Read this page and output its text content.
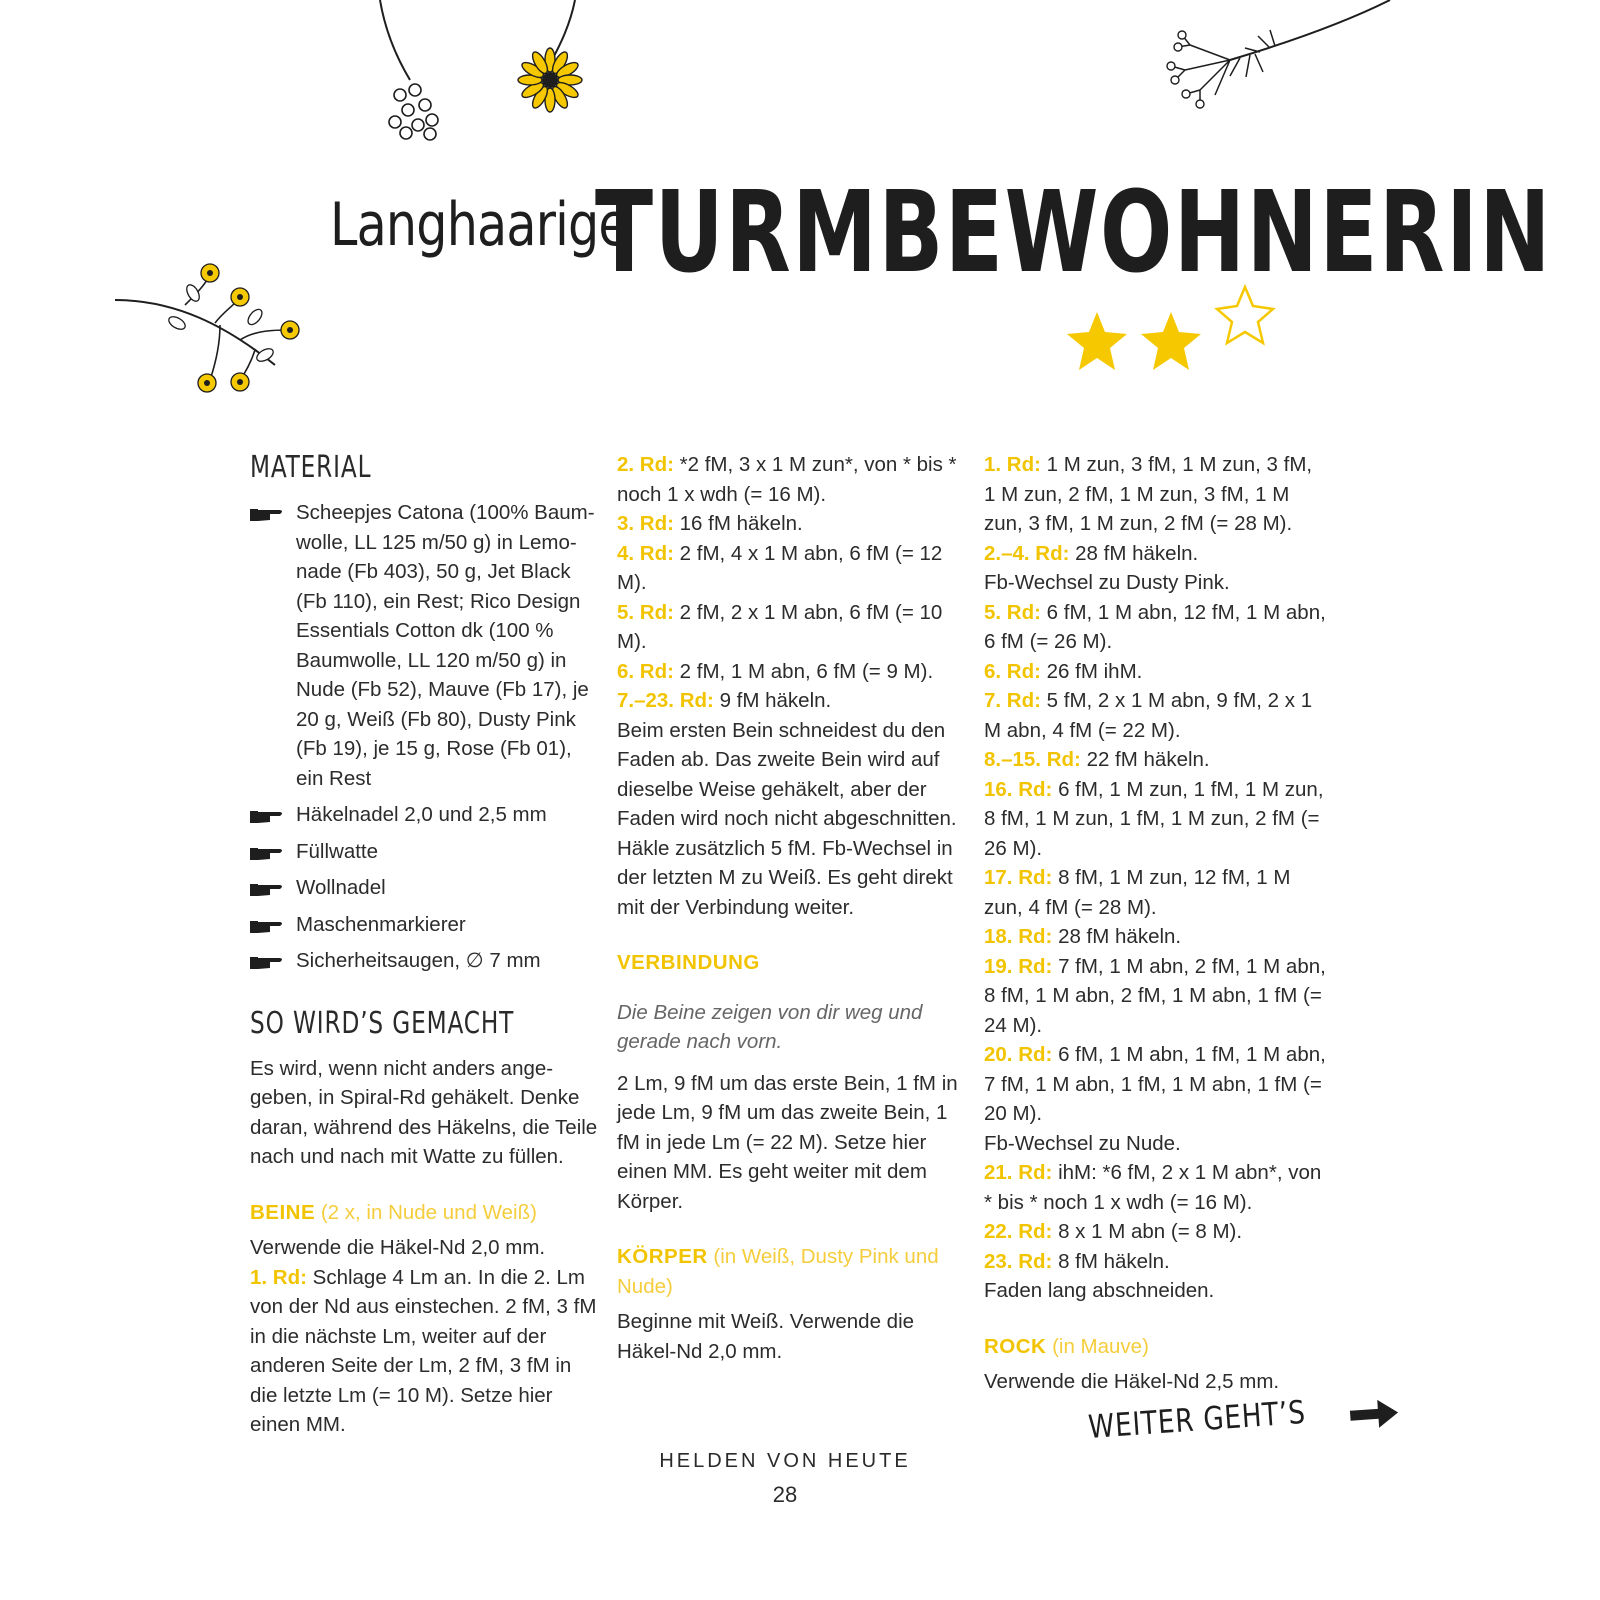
Langhaarige
TURMBEWOHNERIN
MATERIAL
Scheepjes Catona (100% Baum-wolle, LL 125 m/50 g) in Lemo-nade (Fb 403), 50 g, Jet Black (Fb 110), ein Rest; Rico Design Essentials Cotton dk (100 % Baumwolle, LL 120 m/50 g) in Nude (Fb 52), Mauve (Fb 17), je 20 g, Weiß (Fb 80), Dusty Pink (Fb 19), je 15 g, Rose (Fb 01), ein Rest
Häkelnadel 2,0 und 2,5 mm
Füllwatte
Wollnadel
Maschenmarkierer
Sicherheitsaugen, ∅ 7 mm
SO WIRD’S GEMACHT

Es wird, wenn nicht anders ange-geben, in Spiral-Rd gehäkelt. Denke daran, während des Häkelns, die Teile nach und nach mit Watte zu füllen.

BEINE (2 x, in Nude und Weiß)

Verwende die Häkel-Nd 2,0 mm.

1. Rd: Schlage 4 Lm an. In die 2. Lm von der Nd aus einstechen. 2 fM, 3 fM in die nächste Lm, weiter auf der anderen Seite der Lm, 2 fM, 3 fM in die letzte Lm (= 10 M). Setze hier einen MM.

2. Rd: *2 fM, 3 x 1 M zun*, von * bis * noch 1 x wdh (= 16 M).

3. Rd: 16 fM häkeln.

4. Rd: 2 fM, 4 x 1 M abn, 6 fM (= 12 M).

5. Rd: 2 fM, 2 x 1 M abn, 6 fM (= 10 M).

6. Rd: 2 fM, 1 M abn, 6 fM (= 9 M).

7.–23. Rd: 9 fM häkeln.

Beim ersten Bein schneidest du den Faden ab. Das zweite Bein wird auf dieselbe Weise gehäkelt, aber der Faden wird noch nicht abgeschnitten. Häkle zusätzlich 5 fM. Fb-Wechsel in der letzten M zu Weiß. Es geht direkt mit der Verbindung weiter.

VERBINDUNG

Die Beine zeigen von dir weg und gerade nach vorn.

2 Lm, 9 fM um das erste Bein, 1 fM in jede Lm, 9 fM um das zweite Bein, 1 fM in jede Lm (= 22 M). Setze hier einen MM. Es geht weiter mit dem Körper.

KÖRPER (in Weiß, Dusty Pink und Nude)

Beginne mit Weiß. Verwende die Häkel-Nd 2,0 mm.

1. Rd: 1 M zun, 3 fM, 1 M zun, 3 fM, 1 M zun, 2 fM, 1 M zun, 3 fM, 1 M zun, 3 fM, 1 M zun, 2 fM (= 28 M).

2.–4. Rd: 28 fM häkeln.

Fb-Wechsel zu Dusty Pink.

5. Rd: 6 fM, 1 M abn, 12 fM, 1 M abn, 6 fM (= 26 M).

6. Rd: 26 fM ihM.

7. Rd: 5 fM, 2 x 1 M abn, 9 fM, 2 x 1 M abn, 4 fM (= 22 M).

8.–15. Rd: 22 fM häkeln.

16. Rd: 6 fM, 1 M zun, 1 fM, 1 M zun, 8 fM, 1 M zun, 1 fM, 1 M zun, 2 fM (= 26 M).

17. Rd: 8 fM, 1 M zun, 12 fM, 1 M zun, 4 fM (= 28 M).

18. Rd: 28 fM häkeln.

19. Rd: 7 fM, 1 M abn, 2 fM, 1 M abn, 8 fM, 1 M abn, 2 fM, 1 M abn, 1 fM (= 24 M).

20. Rd: 6 fM, 1 M abn, 1 fM, 1 M abn, 7 fM, 1 M abn, 1 fM, 1 M abn, 1 fM (= 20 M).

Fb-Wechsel zu Nude.

21. Rd: ihM: *6 fM, 2 x 1 M abn*, von * bis * noch 1 x wdh (= 16 M).

22. Rd: 8 x 1 M abn (= 8 M).

23. Rd: 8 fM häkeln.

Faden lang abschneiden.

ROCK (in Mauve)

Verwende die Häkel-Nd 2,5 mm.

WEITER GEHT’S
HELDEN VON HEUTE
28
